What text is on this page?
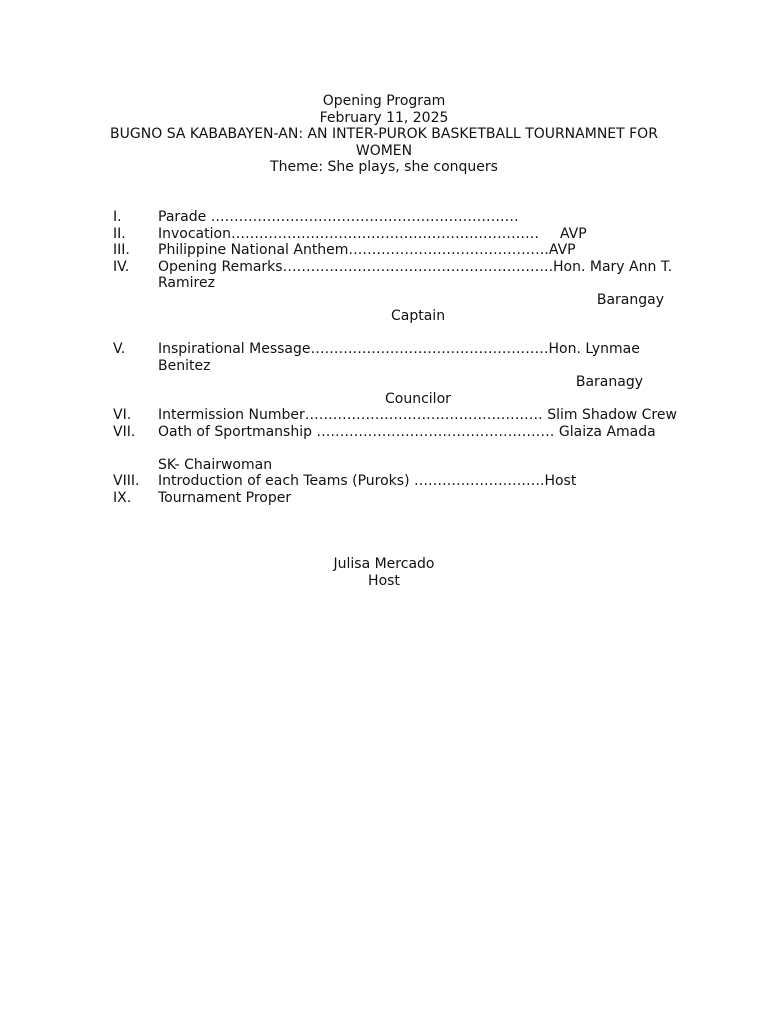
Opening Program
February 11, 2025
BUGNO SA KABABAYEN-AN: AN INTER-PUROK BASKETBALL TOURNAMNET FOR
WOMEN
Theme: She plays, she conquers
I.	Parade …………………………………………………………
II. Invocation………………………………………………………… AVP
III. Philippine National Anthem…………………………………….AVP
IV. Opening Remarks………………………………………………….Hon. Mary Ann T.
Ramirez
Barangay
Captain
V. Inspirational Message……………………………………………Hon. Lynmae
Benitez
Baranagy
Councilor
VI. Intermission Number…………………………………………… Slim Shadow Crew
VII. Oath of Sportmanship …………………………………………… Glaiza Amada
SK- Chairwoman
VIII. Introduction of each Teams (Puroks) ……………………….Host
IX. Tournament Proper
Julisa Mercado
Host
